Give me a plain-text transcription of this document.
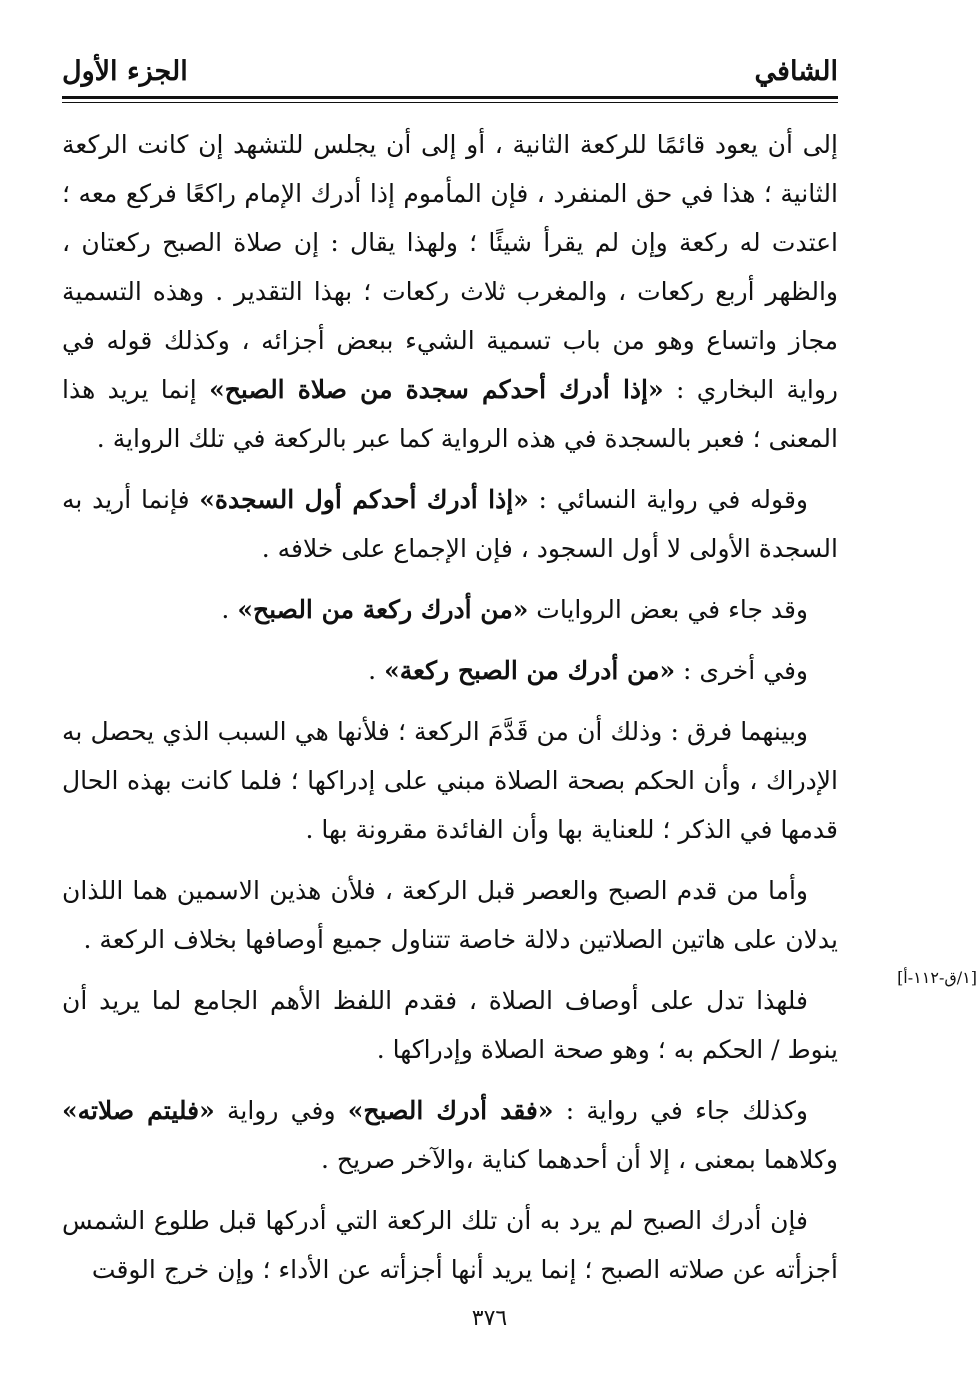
الشافي
الجزء الأول

إلى أن يعود قائمًا للركعة الثانية ، أو إلى أن يجلس للتشهد إن كانت الركعة الثانية ؛ هذا في حق المنفرد ، فإن المأموم إذا أدرك الإمام راكعًا فركع معه ؛ اعتدت له ركعة وإن لم يقرأ شيئًا ؛ ولهذا يقال : إن صلاة الصبح ركعتان ، والظهر أربع ركعات ، والمغرب ثلاث ركعات ؛ بهذا التقدير . وهذه التسمية مجاز واتساع وهو من باب تسمية الشيء ببعض أجزائه ، وكذلك قوله في رواية البخاري : «إذا أدرك أحدكم سجدة من صلاة الصبح» إنما يريد هذا المعنى ؛ فعبر بالسجدة في هذه الرواية كما عبر بالركعة في تلك الرواية .

وقوله في رواية النسائي : «إذا أدرك أحدكم أول السجدة» فإنما أريد به السجدة الأولى لا أول السجود ، فإن الإجماع على خلافه .

وقد جاء في بعض الروايات «من أدرك ركعة من الصبح» .

وفي أخرى : «من أدرك من الصبح ركعة» .

وبينهما فرق : وذلك أن من قَدَّمَ الركعة ؛ فلأنها هي السبب الذي يحصل به الإدراك ، وأن الحكم بصحة الصلاة مبني على إدراكها ؛ فلما كانت بهذه الحال قدمها في الذكر ؛ للعناية بها وأن الفائدة مقرونة بها .

وأما من قدم الصبح والعصر قبل الركعة ، فلأن هذين الاسمين هما اللذان يدلان على هاتين الصلاتين دلالة خاصة تتناول جميع أوصافها بخلاف الركعة .

فلهذا تدل على أوصاف الصلاة ، فقدم اللفظ الأهم الجامع لما يريد أن ينوط / الحكم به ؛ وهو صحة الصلاة وإدراكها .

وكذلك جاء في رواية : «فقد أدرك الصبح» وفي رواية «فليتم صلاته» وكلاهما بمعنى ، إلا أن أحدهما كناية ،والآخر صريح .

فإن أدرك الصبح لم يرد به أن تلك الركعة التي أدركها قبل طلوع الشمس أجزأته عن صلاته الصبح ؛ إنما يريد أنها أجزأته عن الأداء ؛ وإن خرج الوقت

[١/ق-١١٢-أ]
٣٧٦
